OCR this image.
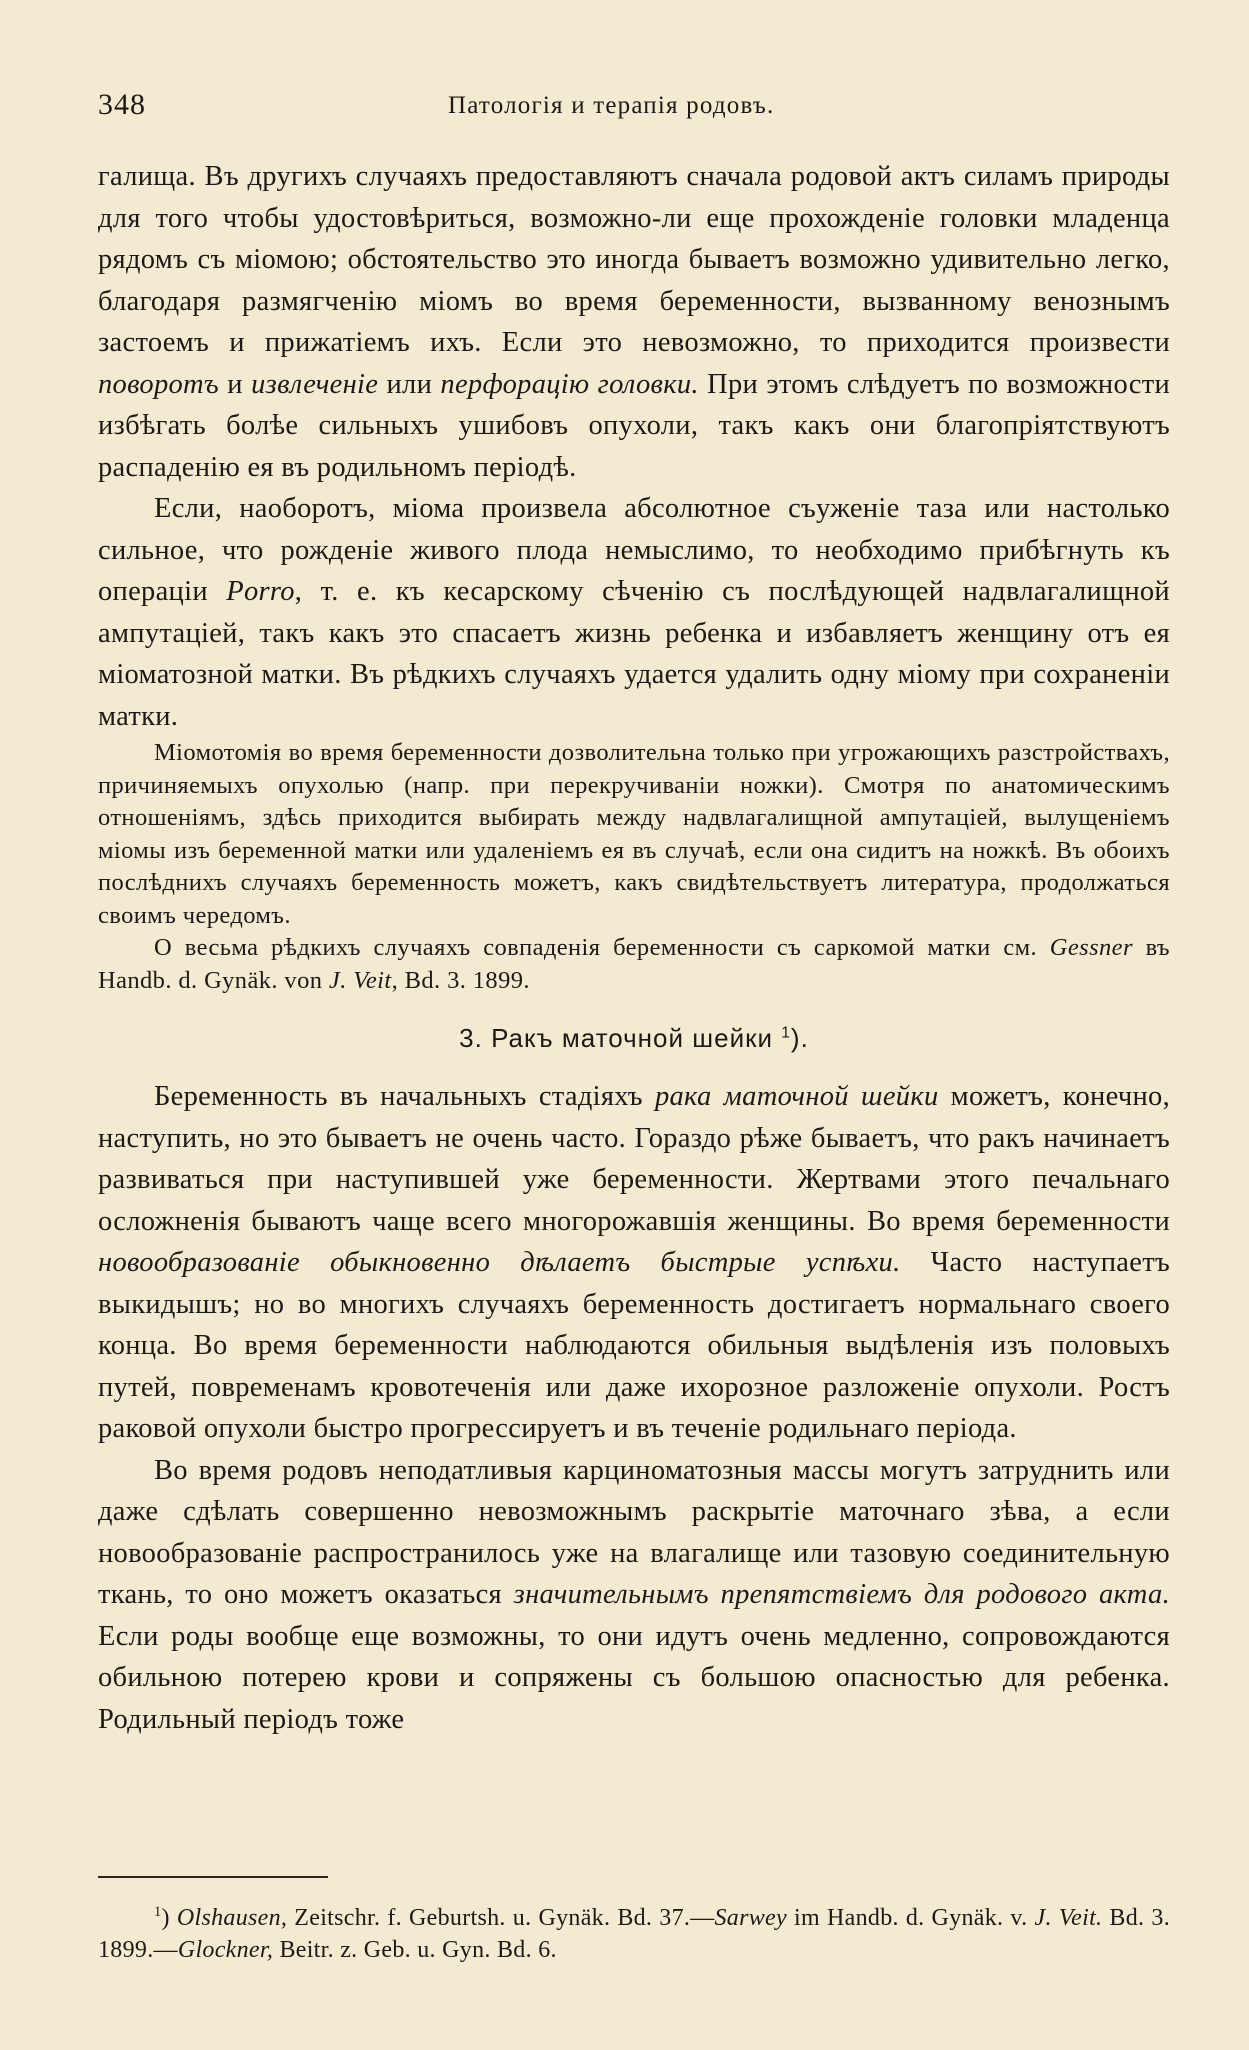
348	Патологія и терапія родовъ.

галища. Въ другихъ случаяхъ предоставляютъ сначала родовой актъ силамъ природы для того чтобы удостовѣриться, возможно-ли еще прохожденіе головки младенца рядомъ съ міомою; обстоятельство это иногда бываетъ возможно удивительно легко, благодаря размягченію міомъ во время беременности, вызванному венознымъ застоемъ и прижатіемъ ихъ. Если это невозможно, то приходится произвести поворотъ и извлеченіе или перфорацію головки. При этомъ слѣдуетъ по возможности избѣгать болѣе сильныхъ ушибовъ опухоли, такъ какъ они благопріятствуютъ распаденію ея въ родильномъ періодѣ.

Если, наоборотъ, міома произвела абсолютное съуженіе таза или настолько сильное, что рожденіе живого плода немыслимо, то необходимо прибѣгнуть къ операціи Porro, т. е. къ кесарскому сѣченію съ послѣдующей надвлагалищной ампутаціей, такъ какъ это спасаетъ жизнь ребенка и избавляетъ женщину отъ ея міоматозной матки. Въ рѣдкихъ случаяхъ удается удалить одну міому при сохраненіи матки.

Міомотомія во время беременности дозволительна только при угрожающихъ разстройствахъ, причиняемыхъ опухолью (напр. при перекручиваніи ножки). Смотря по анатомическимъ отношеніямъ, здѣсь приходится выбирать между надвлагалищной ампутаціей, вылущеніемъ міомы изъ беременной матки или удаленіемъ ея въ случаѣ, если она сидитъ на ножкѣ. Въ обоихъ послѣднихъ случаяхъ беременность можетъ, какъ свидѣтельствуетъ литература, продолжаться своимъ чередомъ.

О весьма рѣдкихъ случаяхъ совпаденія беременности съ саркомой матки см. Gessner въ Handb. d. Gynäk. von J. Veit, Bd. 3. 1899.

3. Ракъ маточной шейки $^1$).

Беременность въ начальныхъ стадіяхъ рака маточной шейки можетъ, конечно, наступить, но это бываетъ не очень часто. Гораздо рѣже бываетъ, что ракъ начинаетъ развиваться при наступившей уже беременности. Жертвами этого печальнаго осложненія бываютъ чаще всего многорожавшія женщины. Во время беременности новообразованіе обыкновенно дѣлаетъ быстрые успѣхи. Часто наступаетъ выкидышъ; но во многихъ случаяхъ беременность достигаетъ нормальнаго своего конца. Во время беременности наблюдаются обильныя выдѣленія изъ половыхъ путей, повременамъ кровотеченія или даже ихорозное разложеніе опухоли. Ростъ раковой опухоли быстро прогрессируетъ и въ теченіе родильнаго періода.

Во время родовъ неподатливыя карциноматозныя массы могутъ затруднить или даже сдѣлать совершенно невозможнымъ раскрытіе маточнаго зѣва, а если новообразованіе распространилось уже на влагалище или тазовую соединительную ткань, то оно можетъ оказаться значительнымъ препятствіемъ для родового акта. Если роды вообще еще возможны, то они идутъ очень медленно, сопровождаются обильною потерею крови и сопряжены съ большою опасностью для ребенка. Родильный періодъ тоже

$^1$) Olshausen, Zeitschr. f. Geburtsh. u. Gynäk. Bd. 37.—Sarwey im Handb. d. Gynäk. v. J. Veit. Bd. 3. 1899.—Glockner, Beitr. z. Geb. u. Gyn. Bd. 6.
